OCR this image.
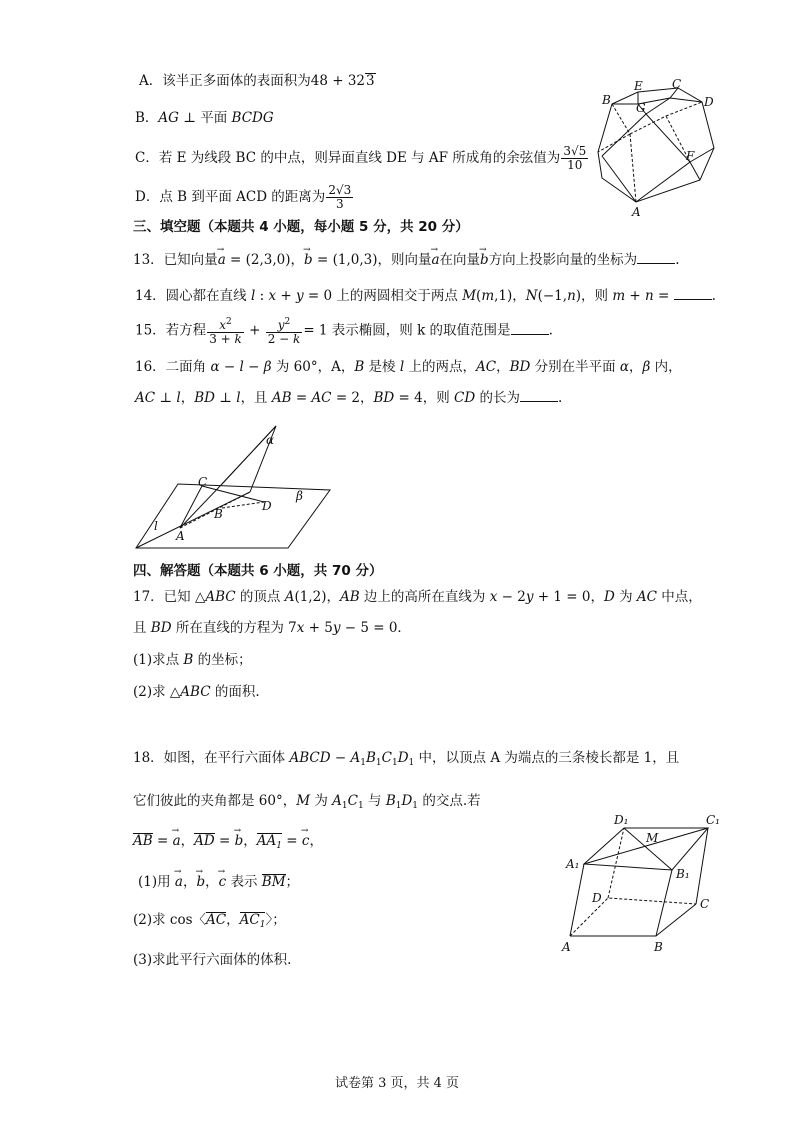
A．该半正多面体的表面积为48 + 323
B．AG ⊥ 平面 BCDG
C．若 E 为线段 BC 的中点，则异面直线 DE 与 AF 所成角的余弦值为 $\frac{3√5}{10}$
D．点 B 到平面 ACD 的距离为 $\frac{2√3}{3}$
B
E C
G	D
F
A
三、填空题（本题共 4 小题，每小题 5 分，共 20 分）
13．已知向量→ a = (2,3,0)，→ b = (1,0,3)，则向量→ a在向量→ b方向上投影向量的坐标为	.
14．圆心都在直线 l : x + y = 0 上的两圆相交于两点 M(m,1)，N(−1,n)，则 m + n =	.
15．若方程 $\frac{x^2}{3 + k} + \frac{y^2}{2 - k} = 1$ 表示椭圆，则 k 的取值范围是	.
16．二面角 α − l − β 为 60°，A，B 是棱 l 上的两点，AC，BD 分别在半平面 α，β 内，
AC ⊥ l，BD ⊥ l，且 AB = AC = 2，BD = 4，则 CD 的长为	.
α
β
C
B
D
l
A
四、解答题（本题共 6 小题，共 70 分）
17．已知 △ABC 的顶点 A(1,2)，AB 边上的高所在直线为 x − 2y + 1 = 0，D 为 AC 中点，
且 BD 所在直线的方程为 7x + 5y − 5 = 0．
(1)求点 B 的坐标；
(2)求 △ABC 的面积.
18．如图，在平行六面体 ABCD − $A_1B_1C_1D_1$ 中，以顶点 A 为端点的三条棱长都是 1，且
它们彼此的夹角都是 60°，M 为 $A_1C_1$ 与 $B_1D_1$ 的交点.若
AB = → a，AD = → b，$AA_1$ = → c，
(1)用 → a，→ b，→ c 表示 BM；
(2)求 cos〈AC，$AC_1$〉；
(3)求此平行六面体的体积.
D₁	C₁
M
A₁
B₁
D	C
A	B
试卷第 3 页，共 4 页
